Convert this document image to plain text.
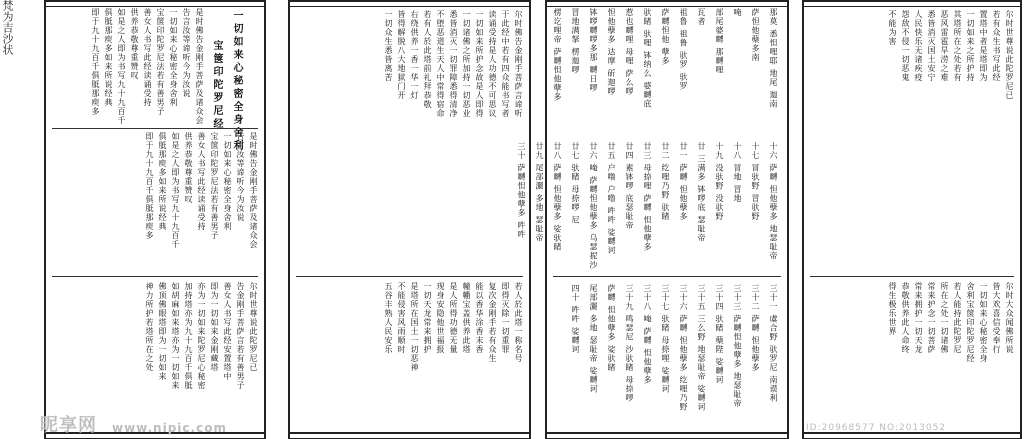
梵为吉沙状	一切如来心秘密全身舍利
宝箧印陀罗尼经
是时佛告金刚手菩萨及诸众会
告言汝等谛听今为汝说
一切如来心秘密全身舍利
宝箧印陀罗尼法若有善男子
善女人书写此经读诵受持
供养恭敬尊重赞叹
如是之人即为书写九十九百千
俱胝那庾多如来所说经典
即于九十九百千俱胝那庾多
是时佛告金刚手菩萨及诸众会
告言汝等谛听今为汝说
一切如来心秘密全身舍利
宝箧印陀罗尼法若有善男子
善女人书写此经读诵受持
供养恭敬尊重赞叹
如是之人即为书写九十九百千
俱胝那庾多如来所说经典
即于九十九百千俱胝那庾多
尔时世尊说此陀罗尼已
告金刚手菩萨言若有善男子
善女人书写此经安置塔中
即为一切如来金刚藏塔
亦为一切如来陀罗尼心秘密
加持塔亦为九十九百千俱胝
如胡麻如来塔亦为一切如来
佛顶佛眼塔即为一切如来
神力所护若塔所在之处
尔时佛告金刚手菩萨言谛听
于此经中若有四众能书写者
读诵受持是人功德不可思议
一切如来所护念故是人即得
一切诸佛之所加持一切恶业
悉皆消灭一切罪障悉得清净
不堕恶道生天人中常得宿命
若有人於此塔前礼拜恭敬
右绕供养一香一华一灯
皆得解脱八大地狱门开
一切众生悉皆离苦
若人於此塔一称名号
即得灭除一切重罪
复次金刚手若有众生
能以香华涂香末香
幢幡宝盖供养此塔
是人所得功德无量
现身安隐他世福报
一切天龙常来拥护
是塔所在国土一切恶神
不能侵害风雨顺时
五谷丰熟人民安乐
那莫 悉怛哩耶 地尾 迦南
萨怛他蘖多南
唵
部尾婆嚩 那嚩哩
瓦者
祖鲁 祖鲁 驮罗 驮罗
萨嚩怛他 孽多
驮睹 驮哩 钵纳么 婆嚩底
惹也嚩哩 母哩 萨么啰
怛他孽多 达摩 斫迦啰
钵啰嚩啰多那 嚩日啰
冒地满拏 楞迦啰
楞讫哩帝 萨嚩怛他孽多
十六 萨嚩 怛他孽多 地瑟耻帝
十七 冒驮野 冒驮野
十八 冒地 冒地
十九 没驮野 没驮野
廿 三满多 钵啰底 瑟耻帝
廿一 萨嚩 怛他孽多
廿二 纥哩乃野 驮睹
廿三 母捺哩 萨嚩 怛他孽多
廿四 素钵啰 底瑟耻帝
廿五 户噜 户噜 吽吽 娑嚩诃
廿六 唵 萨嚩怛他孽多 乌瑟抳沙
廿七 驮睹 母捺啰 尼
廿八 萨嚩 怛他孽多 娑驮睹
廿九 尾部灑 多地 瑟耻帝
三十 萨嚩怛他孽多 吽吽
三十一 虞合野 驮罗尼 南谟利
三十二 萨嚩 怛他孽多
三十三 萨嚩怛他孽多 地瑟耻帝
三十四 驮睹 蘖陛 娑嚩诃
三十五 三么野 地瑟耻帝 娑嚩诃
三十六 萨嚩 怛他孽多 纥哩乃野
三十七 驮睹 母捺哩 娑嚩诃
三十八 唵 萨嚩 怛他孽多
三十九 鸣瑟尼 沙驮睹 母捺啰
萨嚩 怛他孽多 娑驮睹
尾部灑 多地 瑟耻帝 娑嚩诃
四十 吽吽 娑嚩诃
尔时世尊说此陀罗尼已
若有众生书写此经
置塔中者是塔即为
一切如来之所护持
其塔所在之处若有
恶风雷雹旱涝之难
悉皆消灭国土安宁
人民快乐无诸疾疫
怨敌不侵一切恶鬼
不能为害
尔时大众闻佛所说
皆大欢喜信受奉行
一切如来心秘密全身
舍利宝箧印陀罗尼经
若人能持此陀罗尼
所在之处一切诸佛
常来护念一切菩萨
常来拥护一切天龙
恭敬供养此人命终
得生极乐世界
昵享网 www.nipic.com	ID:20968577 NO:2013052
